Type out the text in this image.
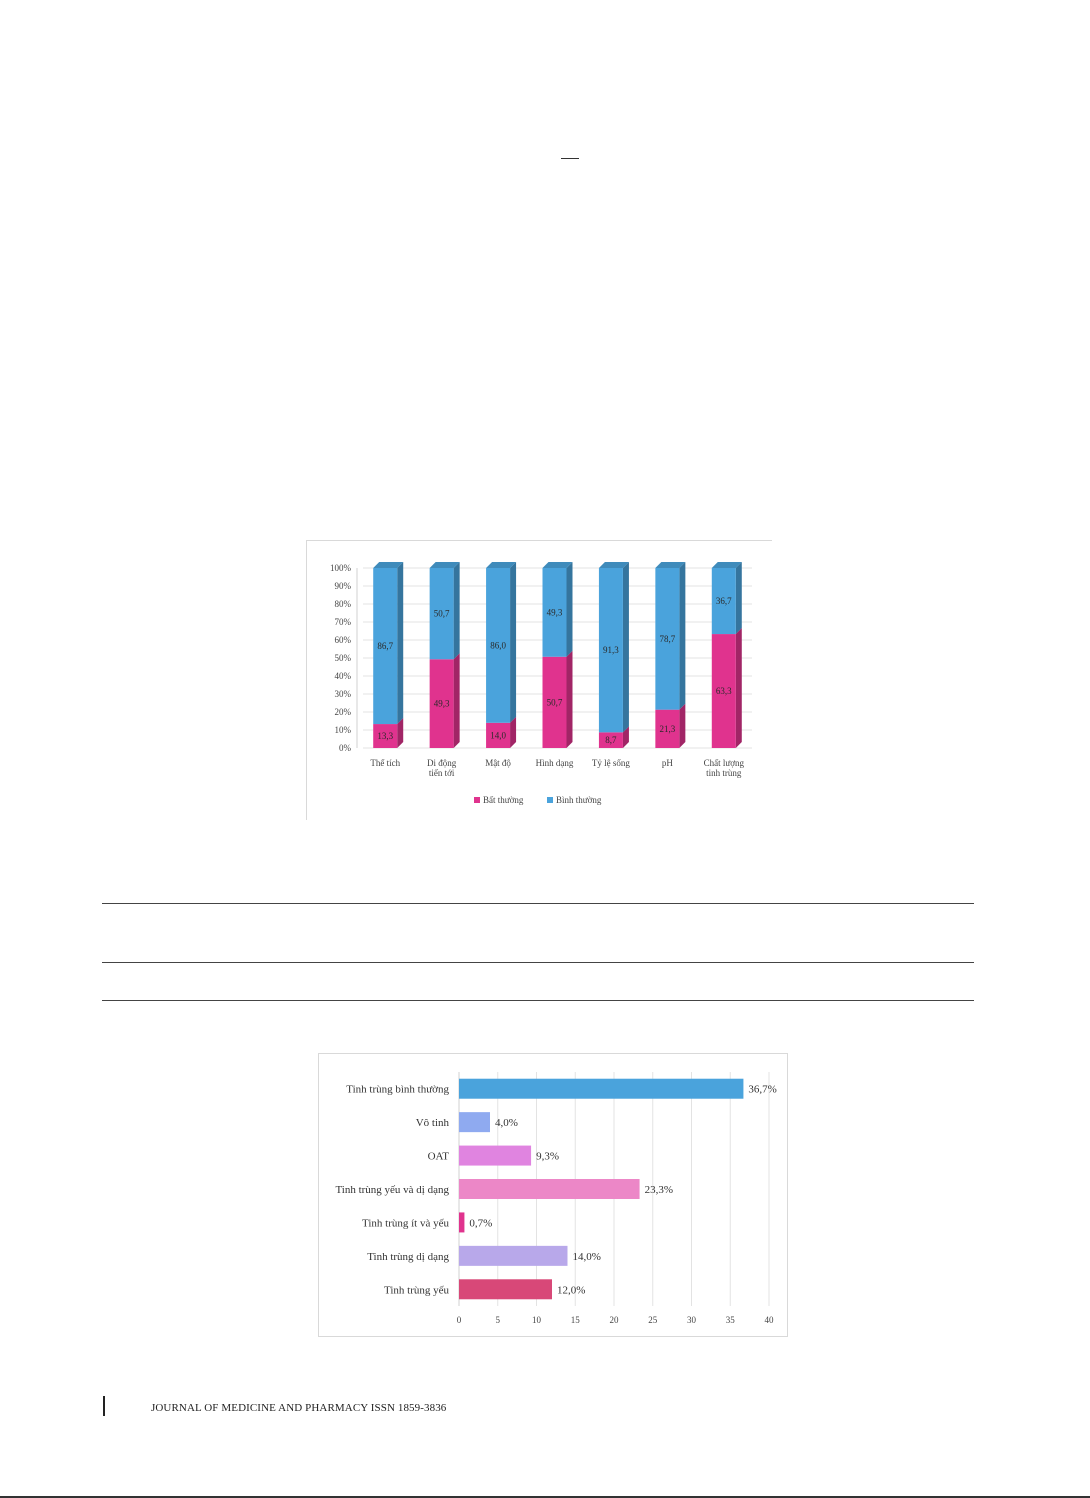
0%
10%
20%
30%
40%
50%
60%
70%
80%
90%
100%
13,3
86,7
Thể tích
49,3
50,7
Di động
tiến tới
14,0
86,0
Mật độ
50,7
49,3
Hình dạng
8,7
91,3
Tỷ lệ sống
21,3
78,7
pH
63,3
36,7
Chất lượng
tinh trùng
Bất thường	Bình thường
0	5	10	15	20	25	30	35	40
Tinh trùng bình thường	36,7%
Vô tinh	4,0%
OAT	9,3%
Tinh trùng yếu và dị dạng	23,3%
Tinh trùng ít và yếu 0,7%
Tinh trùng dị dạng	14,0%
Tinh trùng yếu	12,0%
JOURNAL OF MEDICINE AND PHARMACY ISSN 1859-3836
